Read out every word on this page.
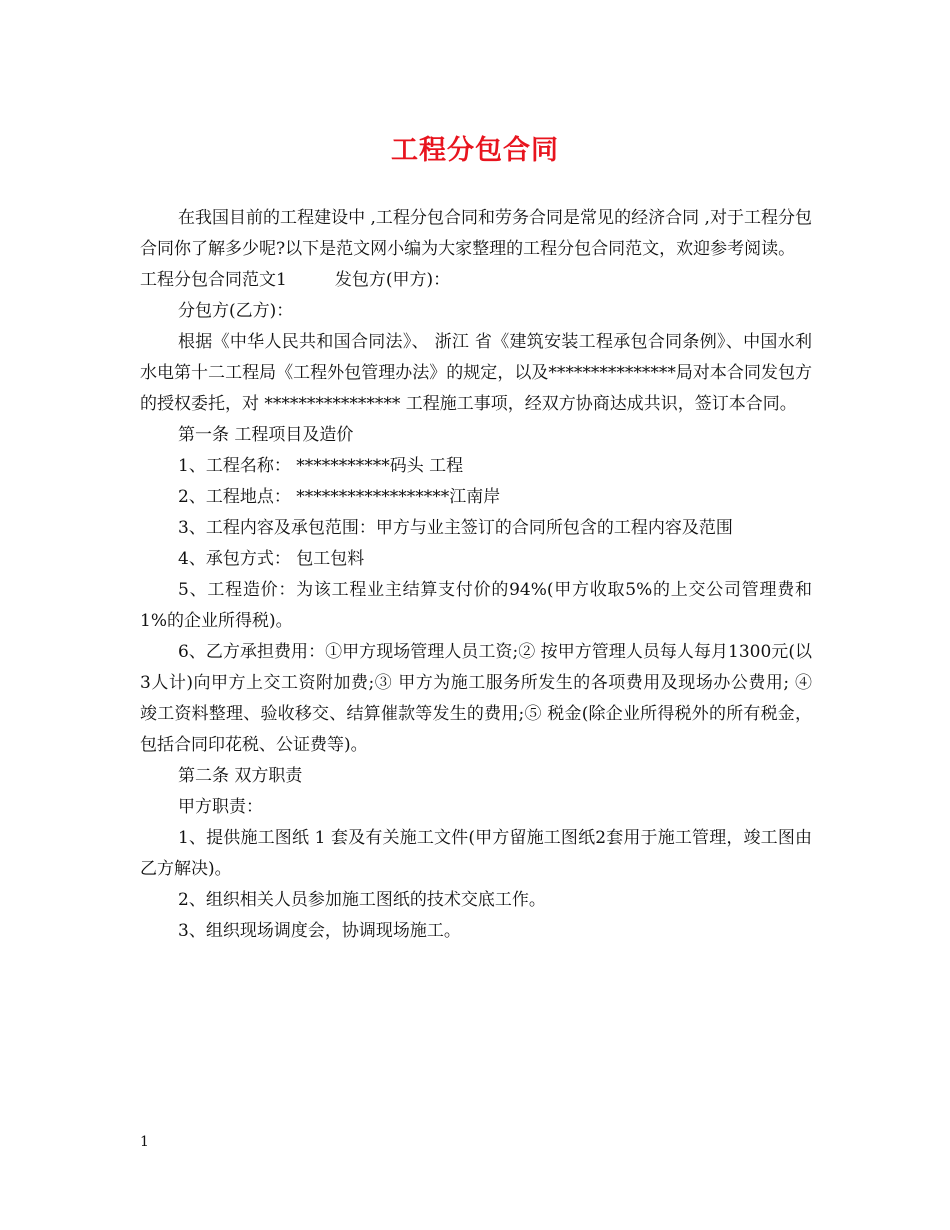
工程分包合同

在我国目前的工程建设中 ,工程分包合同和劳务合同是常见的经济合同 ,对于工程分包合同你了解多少呢?以下是范文网小编为大家整理的工程分包合同范文，欢迎参考阅读。

工程分包合同范文1	发包方(甲方)：

分包方(乙方)：

根据《中华人民共和国合同法》、 浙江 省《建筑安装工程承包合同条例》、中国水利水电第十二工程局《工程外包管理办法》的规定，以及***************局对本合同发包方的授权委托，对 **************** 工程施工事项，经双方协商达成共识，签订本合同。

第一条 工程项目及造价

1、工程名称： ***********码头 工程

2、工程地点： ******************江南岸

3、工程内容及承包范围：甲方与业主签订的合同所包含的工程内容及范围

4、承包方式： 包工包料

5、工程造价：为该工程业主结算支付价的94%(甲方收取5%的上交公司管理费和1%的企业所得税)。

6、乙方承担费用：①甲方现场管理人员工资;② 按甲方管理人员每人每月1300元(以3人计)向甲方上交工资附加费;③ 甲方为施工服务所发生的各项费用及现场办公费用; ④ 竣工资料整理、验收移交、结算催款等发生的费用;⑤ 税金(除企业所得税外的所有税金，包括合同印花税、公证费等)。

第二条 双方职责

甲方职责：

1、提供施工图纸 1 套及有关施工文件(甲方留施工图纸2套用于施工管理，竣工图由乙方解决)。

2、组织相关人员参加施工图纸的技术交底工作。

3、组织现场调度会，协调现场施工。

1
